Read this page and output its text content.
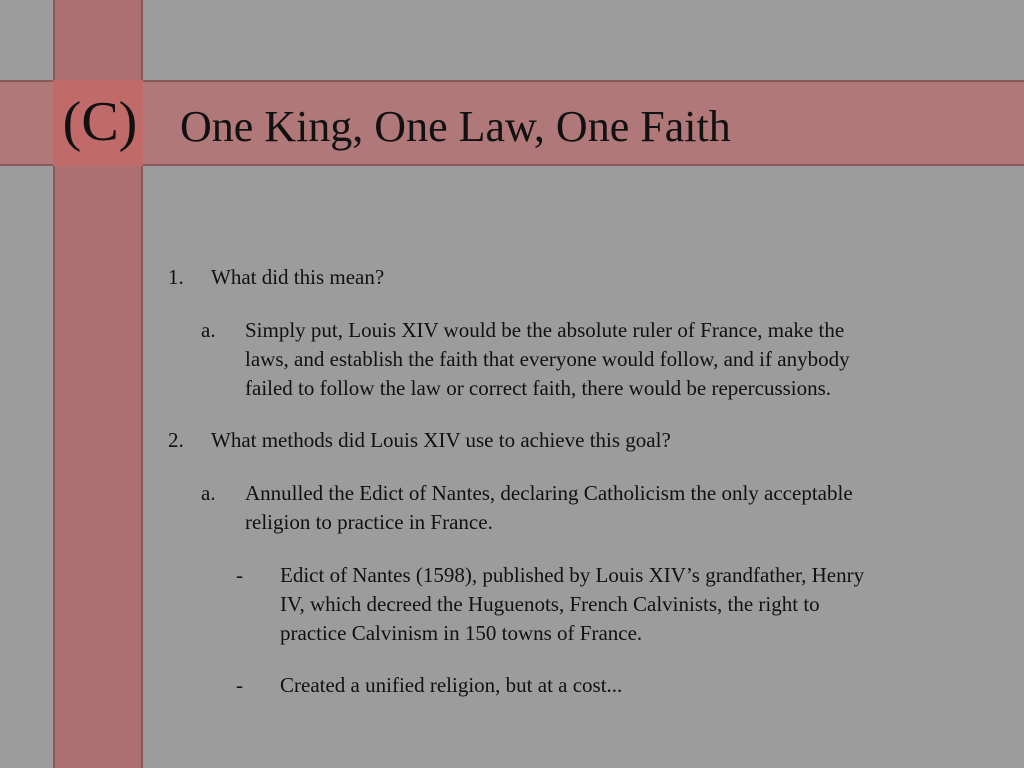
(C) One King, One Law, One Faith
1. What did this mean?
a. Simply put, Louis XIV would be the absolute ruler of France, make the
laws, and establish the faith that everyone would follow, and if anybody
failed to follow the law or correct faith, there would be repercussions.
2. What methods did Louis XIV use to achieve this goal?
a. Annulled the Edict of Nantes, declaring Catholicism the only acceptable
religion to practice in France.
- Edict of Nantes (1598), published by Louis XIV’s grandfather, Henry
IV, which decreed the Huguenots, French Calvinists, the right to
practice Calvinism in 150 towns of France.
- Created a unified religion, but at a cost...
